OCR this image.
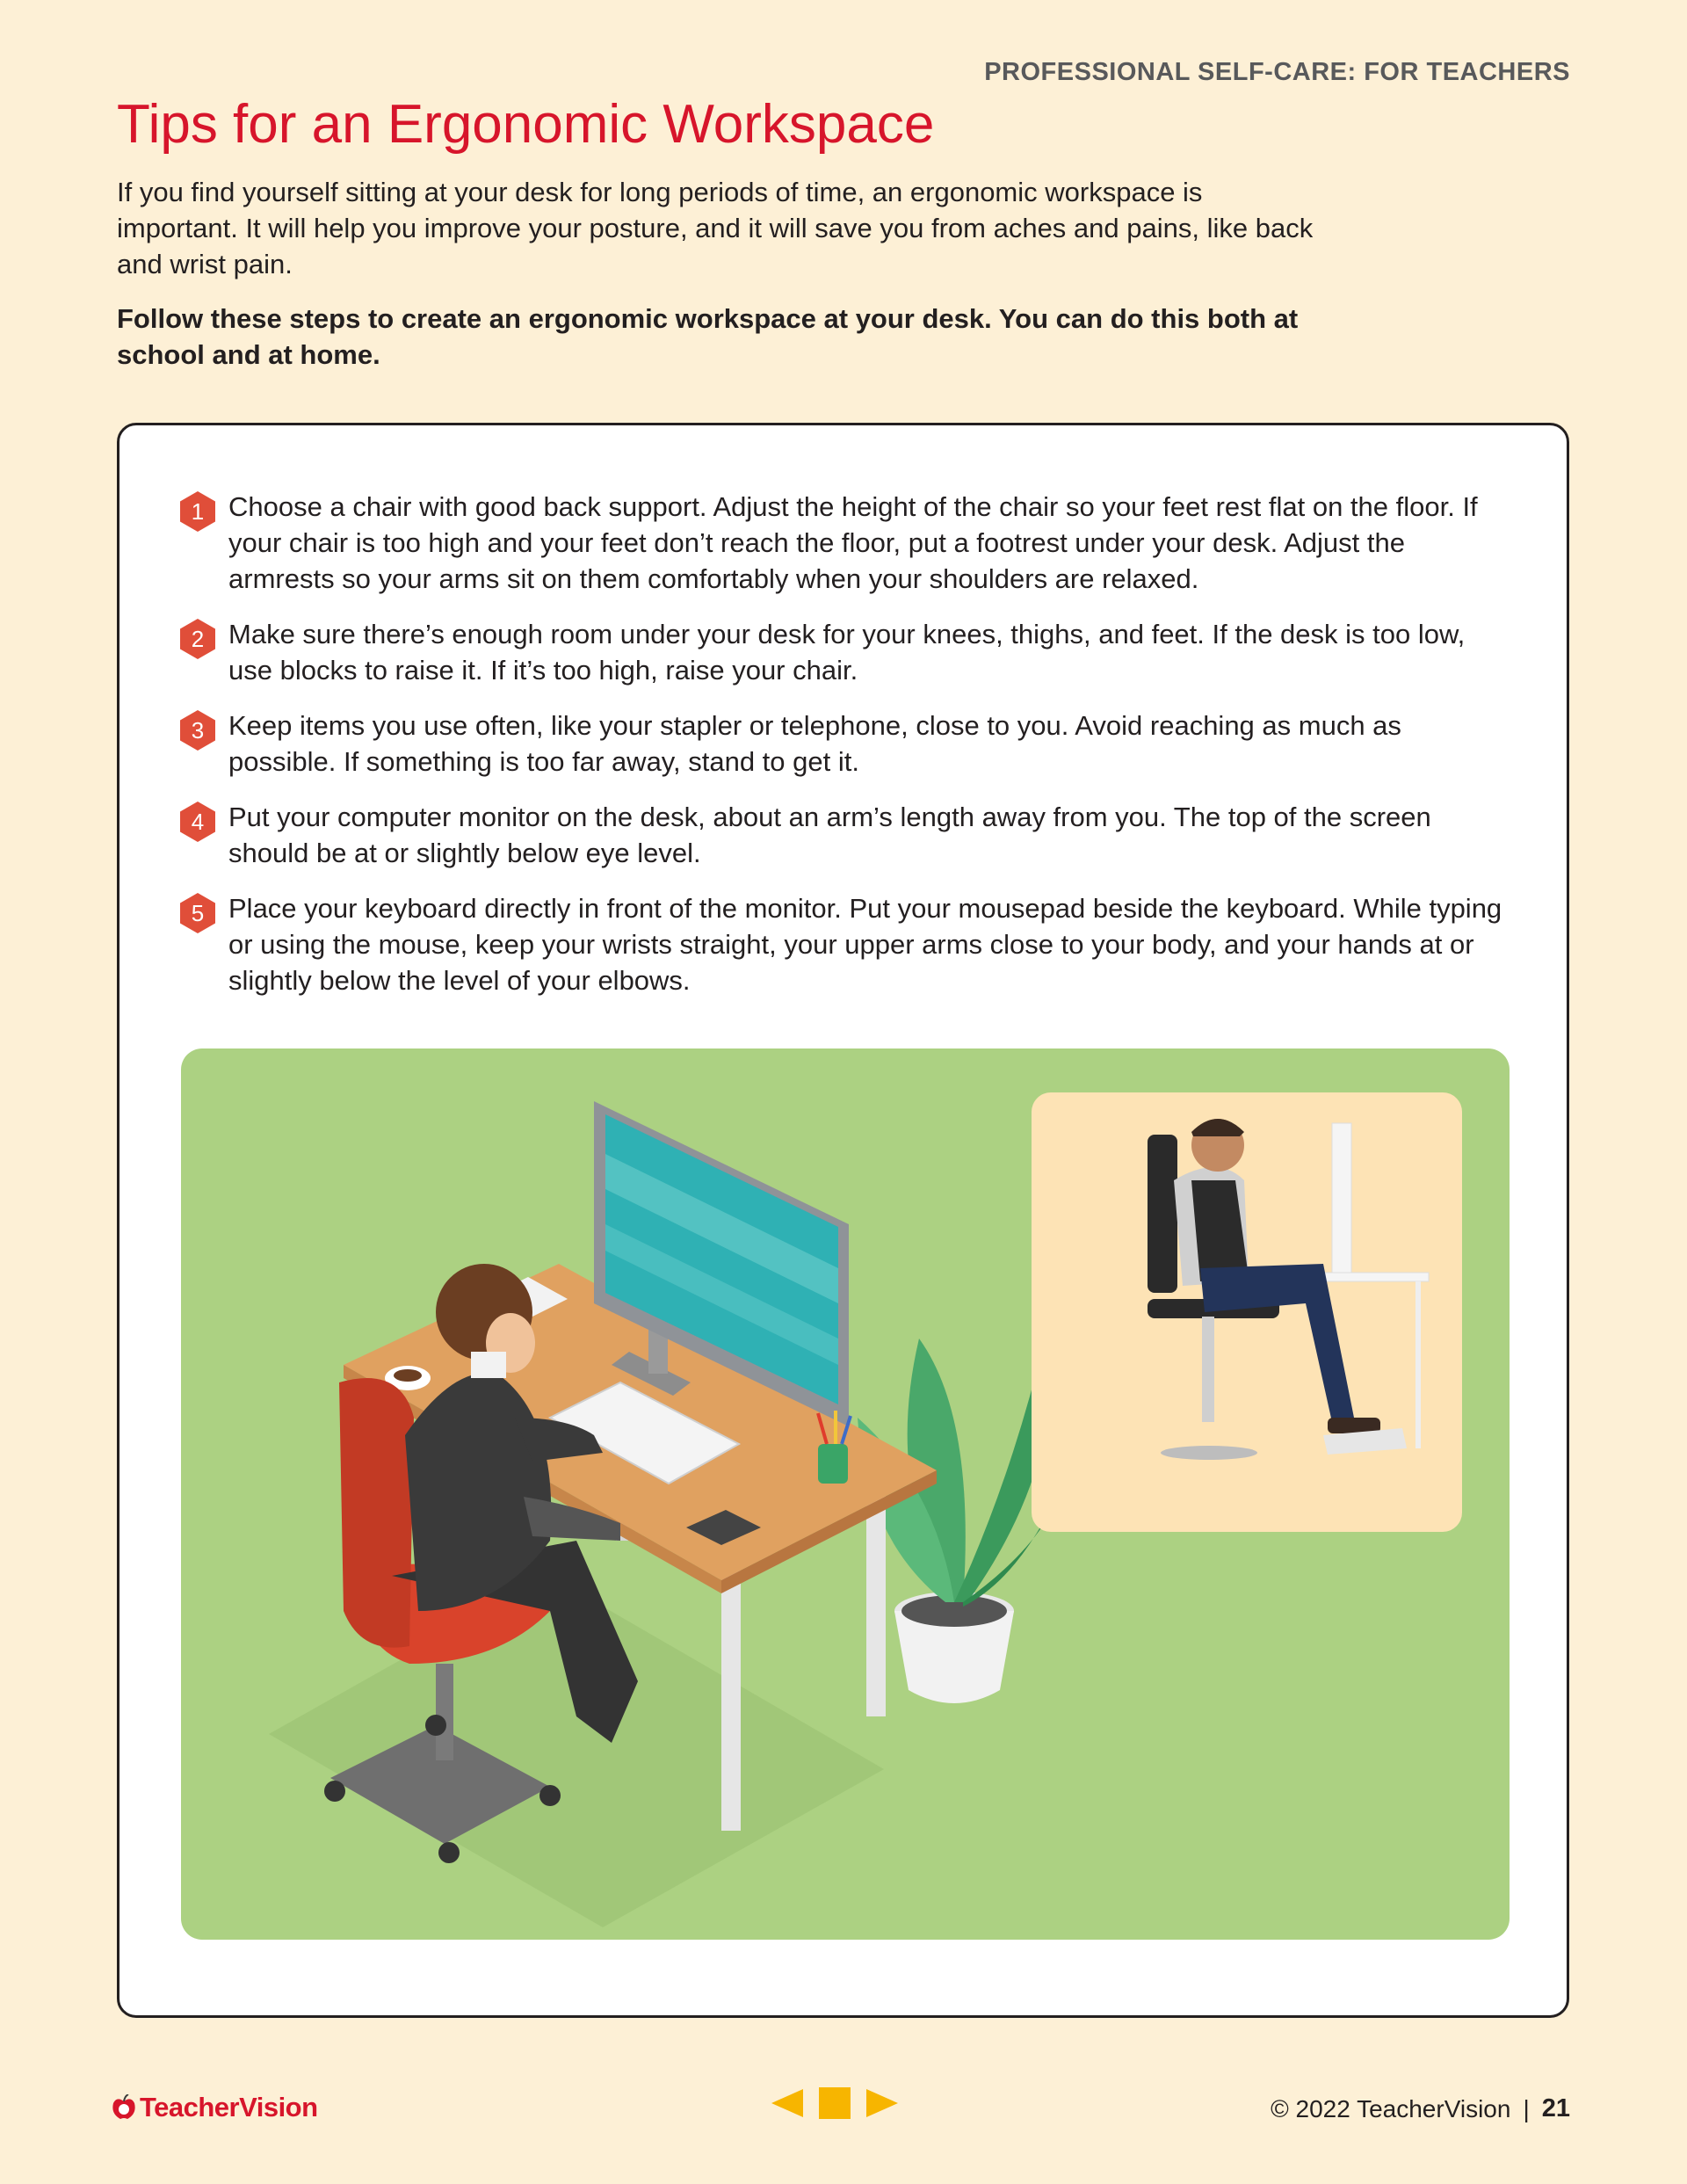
PROFESSIONAL SELF-CARE: FOR TEACHERS
Tips for an Ergonomic Workspace

If you find yourself sitting at your desk for long periods of time, an ergonomic workspace is important. It will help you improve your posture, and it will save you from aches and pains, like back and wrist pain.

Follow these steps to create an ergonomic workspace at your desk. You can do this both at school and at home.

1 Choose a chair with good back support. Adjust the height of the chair so your feet rest flat on the floor. If your chair is too high and your feet don’t reach the floor, put a footrest under your desk. Adjust the armrests so your arms sit on them comfortably when your shoulders are relaxed.
2 Make sure there’s enough room under your desk for your knees, thighs, and feet. If the desk is too low, use blocks to raise it. If it’s too high, raise your chair.
3 Keep items you use often, like your stapler or telephone, close to you. Avoid reaching as much as possible. If something is too far away, stand to get it.
4 Put your computer monitor on the desk, about an arm’s length away from you. The top of the screen should be at or slightly below eye level.
5 Place your keyboard directly in front of the monitor. Put your mousepad beside the keyboard. While typing or using the mouse, keep your wrists straight, your upper arms close to your body, and your hands at or slightly below the level of your elbows.
TeacherVision	© 2022 TeacherVision | 21
